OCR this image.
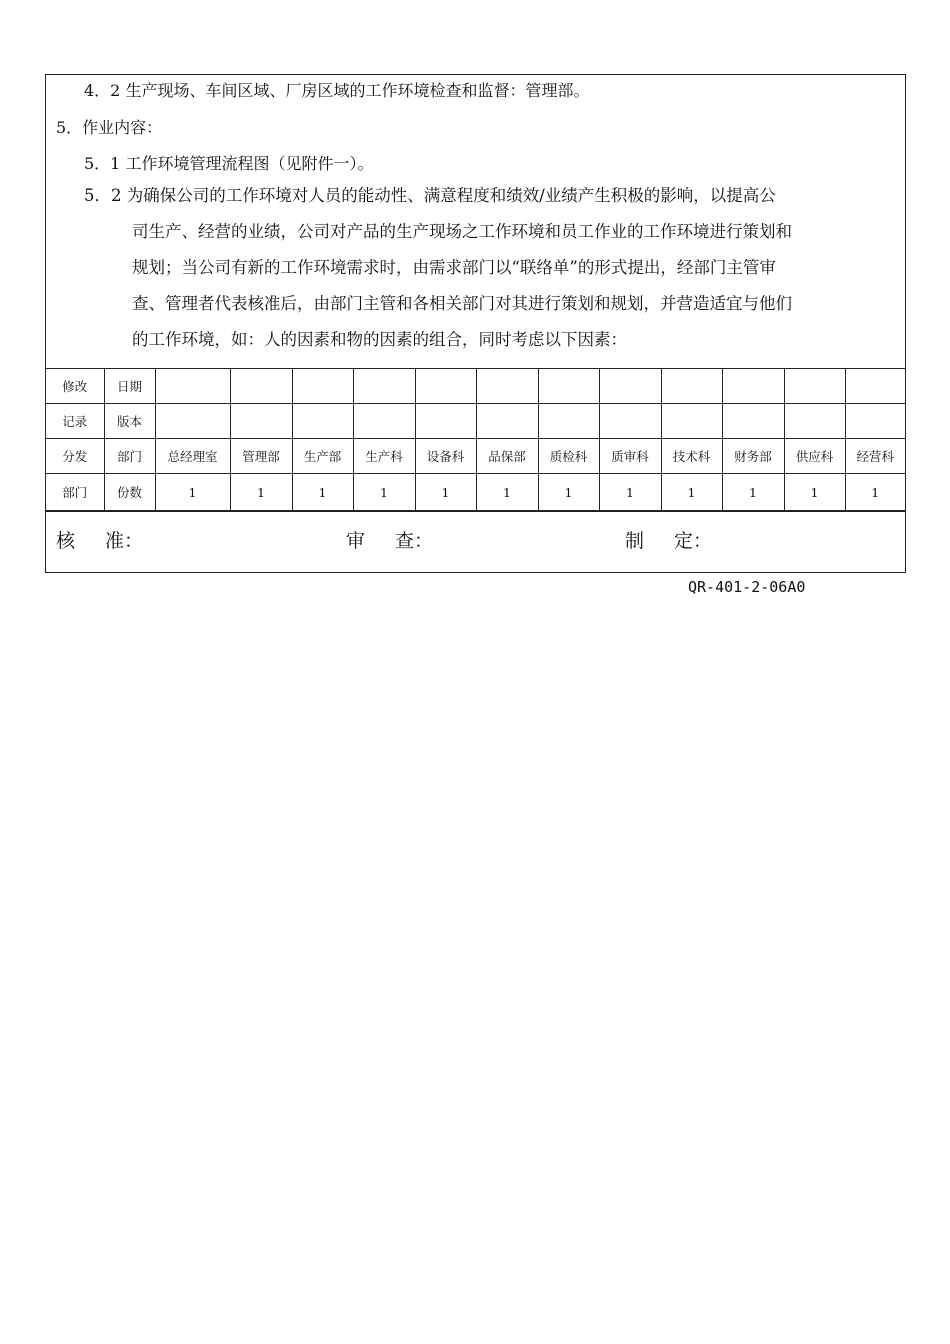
4．2 生产现场、车间区域、厂房区域的工作环境检查和监督：管理部。
5．作业内容：
5．1 工作环境管理流程图（见附件一）。
5．2 为确保公司的工作环境对人员的能动性、满意程度和绩效/业绩产生积极的影响，以提高公
司生产、经营的业绩，公司对产品的生产现场之工作环境和员工作业的工作环境进行策划和
规划；当公司有新的工作环境需求时，由需求部门以“联络单”的形式提出，经部门主管审
查、管理者代表核准后，由部门主管和各相关部门对其进行策划和规划，并营造适宜与他们
的工作环境，如：人的因素和物的因素的组合，同时考虑以下因素：
修改	日期												
记录	版本												
分发	部门	总经理室	管理部	生产部	生产科	设备科	品保部	质检科	质审科	技术科	财务部	供应科	经营科
部门	份数	1	1	1	1	1	1	1	1	1	1	1	1
核 准：	审 查：	制 定：
QR-401-2-06A0
